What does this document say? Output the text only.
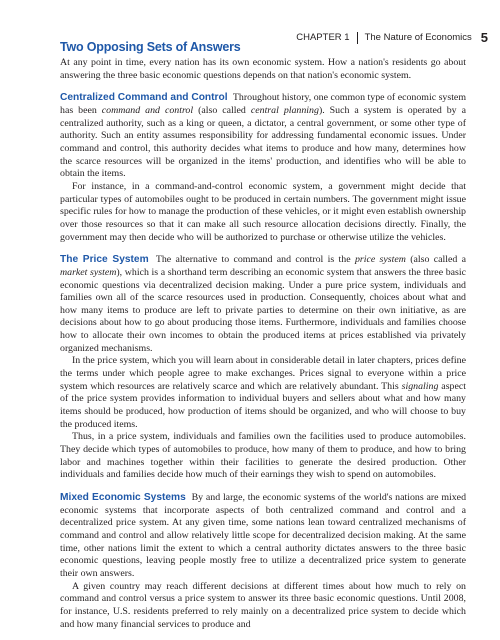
CHAPTER 1 The Nature of Economics 5
Two Opposing Sets of Answers

At any point in time, every nation has its own economic system. How a nation's residents go about answering the three basic economic questions depends on that nation's economic system.

Centralized Command and Control Throughout history, one common type of economic system has been command and control (also called central planning). Such a system is operated by a centralized authority, such as a king or queen, a dictator, a central government, or some other type of authority. Such an entity assumes responsibility for addressing fundamental economic issues. Under command and control, this authority decides what items to produce and how many, determines how the scarce resources will be organized in the items' production, and identifies who will be able to obtain the items.

For instance, in a command-and-control economic system, a government might decide that particular types of automobiles ought to be produced in certain numbers. The government might issue specific rules for how to manage the production of these vehicles, or it might even establish ownership over those resources so that it can make all such resource allocation decisions directly. Finally, the government may then decide who will be authorized to purchase or otherwise utilize the vehicles.

The Price System The alternative to command and control is the price system (also called a market system), which is a shorthand term describing an economic system that answers the three basic economic questions via decentralized decision making. Under a pure price system, individuals and families own all of the scarce resources used in production. Consequently, choices about what and how many items to produce are left to private parties to determine on their own initiative, as are decisions about how to go about producing those items. Furthermore, individuals and families choose how to allocate their own incomes to obtain the produced items at prices established via privately organized mechanisms.

In the price system, which you will learn about in considerable detail in later chapters, prices define the terms under which people agree to make exchanges. Prices signal to everyone within a price system which resources are relatively scarce and which are relatively abundant. This signaling aspect of the price system provides information to individual buyers and sellers about what and how many items should be produced, how production of items should be organized, and who will choose to buy the produced items.

Thus, in a price system, individuals and families own the facilities used to produce automobiles. They decide which types of automobiles to produce, how many of them to produce, and how to bring labor and machines together within their facilities to generate the desired production. Other individuals and families decide how much of their earnings they wish to spend on automobiles.

Mixed Economic Systems By and large, the economic systems of the world's nations are mixed economic systems that incorporate aspects of both centralized command and control and a decentralized price system. At any given time, some nations lean toward centralized mechanisms of command and control and allow relatively little scope for decentralized decision making. At the same time, other nations limit the extent to which a central authority dictates answers to the three basic economic questions, leaving people mostly free to utilize a decentralized price system to generate their own answers.

A given country may reach different decisions at different times about how much to rely on command and control versus a price system to answer its three basic economic questions. Until 2008, for instance, U.S. residents preferred to rely mainly on a decentralized price system to decide which and how many financial services to produce and
